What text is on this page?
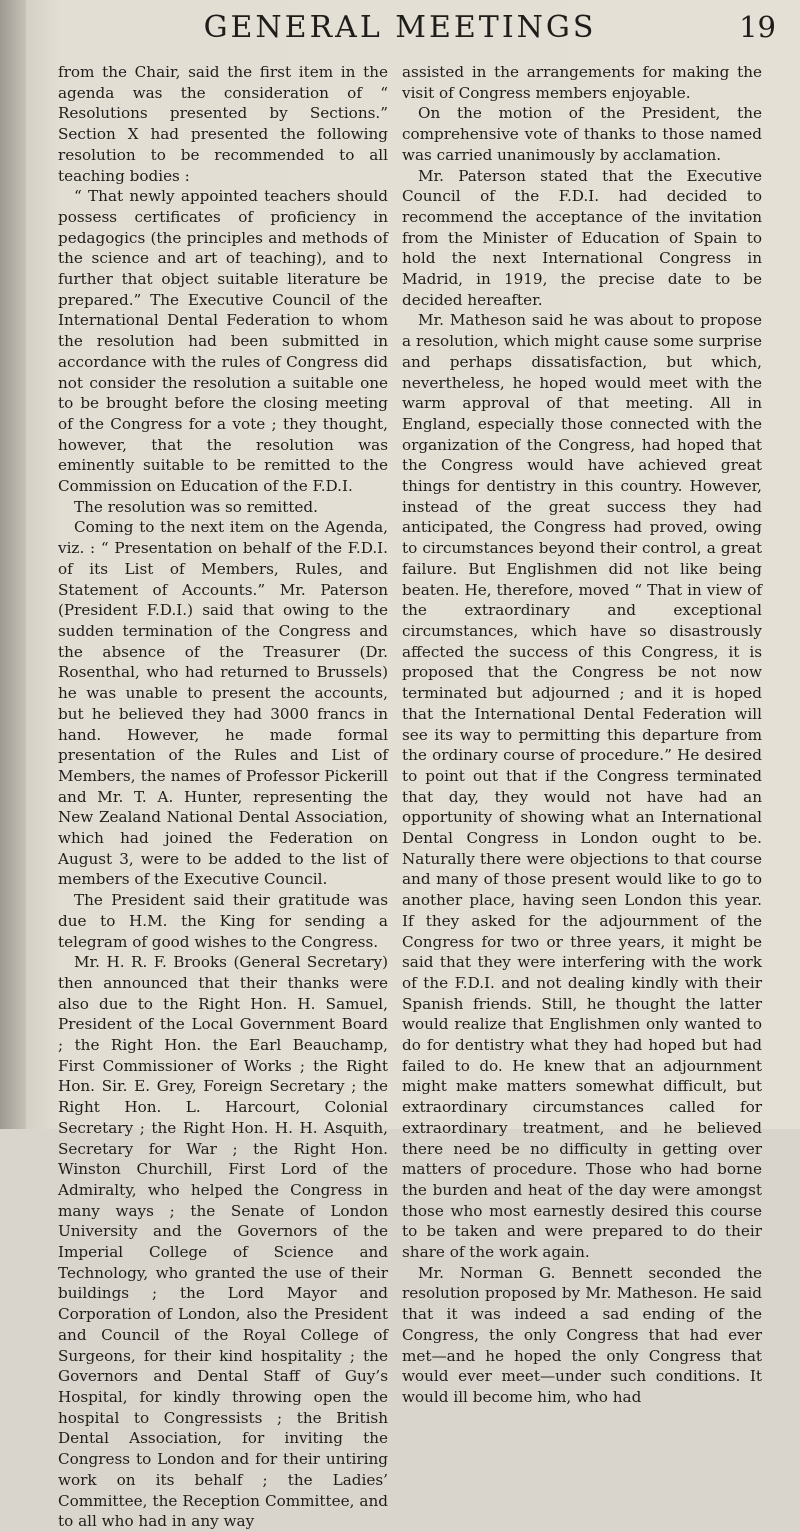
GENERAL MEETINGS	19

from the Chair, said the first item in the agenda was the consideration of “ Resolutions presented by Sections.” Section X had presented the following resolution to be recommended to all teaching bodies :

“ That newly appointed teachers should possess certificates of proficiency in pedagogics (the principles and methods of the science and art of teaching), and to further that object suitable literature be prepared.” The Executive Council of the International Dental Federation to whom the resolution had been submitted in accordance with the rules of Congress did not consider the resolution a suitable one to be brought before the closing meeting of the Congress for a vote ; they thought, however, that the resolution was eminently suitable to be remitted to the Commission on Education of the F.D.I.

The resolution was so remitted.

Coming to the next item on the Agenda, viz. : “ Presentation on behalf of the F.D.I. of its List of Members, Rules, and Statement of Accounts.” Mr. Paterson (President F.D.I.) said that owing to the sudden termination of the Congress and the absence of the Treasurer (Dr. Rosenthal, who had returned to Brussels) he was unable to present the accounts, but he believed they had 3000 francs in hand. However, he made formal presentation of the Rules and List of Members, the names of Professor Pickerill and Mr. T. A. Hunter, representing the New Zealand National Dental Association, which had joined the Federation on August 3, were to be added to the list of members of the Executive Council.

The President said their gratitude was due to H.M. the King for sending a telegram of good wishes to the Congress.

Mr. H. R. F. Brooks (General Secretary) then announced that their thanks were also due to the Right Hon. H. Samuel, President of the Local Government Board ; the Right Hon. the Earl Beauchamp, First Commissioner of Works ; the Right Hon. Sir. E. Grey, Foreign Secretary ; the Right Hon. L. Harcourt, Colonial Secretary ; the Right Hon. H. H. Asquith, Secretary for War ; the Right Hon. Winston Churchill, First Lord of the Admiralty, who helped the Congress in many ways ; the Senate of London University and the Governors of the Imperial College of Science and Technology, who granted the use of their buildings ; the Lord Mayor and Corporation of London, also the President and Council of the Royal College of Surgeons, for their kind hospitality ; the Governors and Dental Staff of Guy’s Hospital, for kindly throwing open the hospital to Congressists ; the British Dental Association, for inviting the Congress to London and for their untiring work on its behalf ; the Ladies’ Committee, the Reception Committee, and to all who had in any way

assisted in the arrangements for making the visit of Congress members enjoyable.

On the motion of the President, the comprehensive vote of thanks to those named was carried unanimously by acclamation.

Mr. Paterson stated that the Executive Council of the F.D.I. had decided to recommend the acceptance of the invitation from the Minister of Education of Spain to hold the next International Congress in Madrid, in 1919, the precise date to be decided hereafter.

Mr. Matheson said he was about to propose a resolution, which might cause some surprise and perhaps dissatisfaction, but which, nevertheless, he hoped would meet with the warm approval of that meeting. All in England, especially those connected with the organization of the Congress, had hoped that the Congress would have achieved great things for dentistry in this country. However, instead of the great success they had anticipated, the Congress had proved, owing to circumstances beyond their control, a great failure. But Englishmen did not like being beaten. He, therefore, moved “ That in view of the extraordinary and exceptional circumstances, which have so disastrously affected the success of this Congress, it is proposed that the Congress be not now terminated but adjourned ; and it is hoped that the International Dental Federation will see its way to permitting this departure from the ordinary course of procedure.” He desired to point out that if the Congress terminated that day, they would not have had an opportunity of showing what an International Dental Congress in London ought to be. Naturally there were objections to that course and many of those present would like to go to another place, having seen London this year. If they asked for the adjournment of the Congress for two or three years, it might be said that they were interfering with the work of the F.D.I. and not dealing kindly with their Spanish friends. Still, he thought the latter would realize that Englishmen only wanted to do for dentistry what they had hoped but had failed to do. He knew that an adjournment might make matters somewhat difficult, but extraordinary circumstances called for extraordinary treatment, and he believed there need be no difficulty in getting over matters of procedure. Those who had borne the burden and heat of the day were amongst those who most earnestly desired this course to be taken and were prepared to do their share of the work again.

Mr. Norman G. Bennett seconded the resolution proposed by Mr. Matheson. He said that it was indeed a sad ending of the Congress, the only Congress that had ever met—and he hoped the only Congress that would ever meet—under such conditions. It would ill become him, who had
